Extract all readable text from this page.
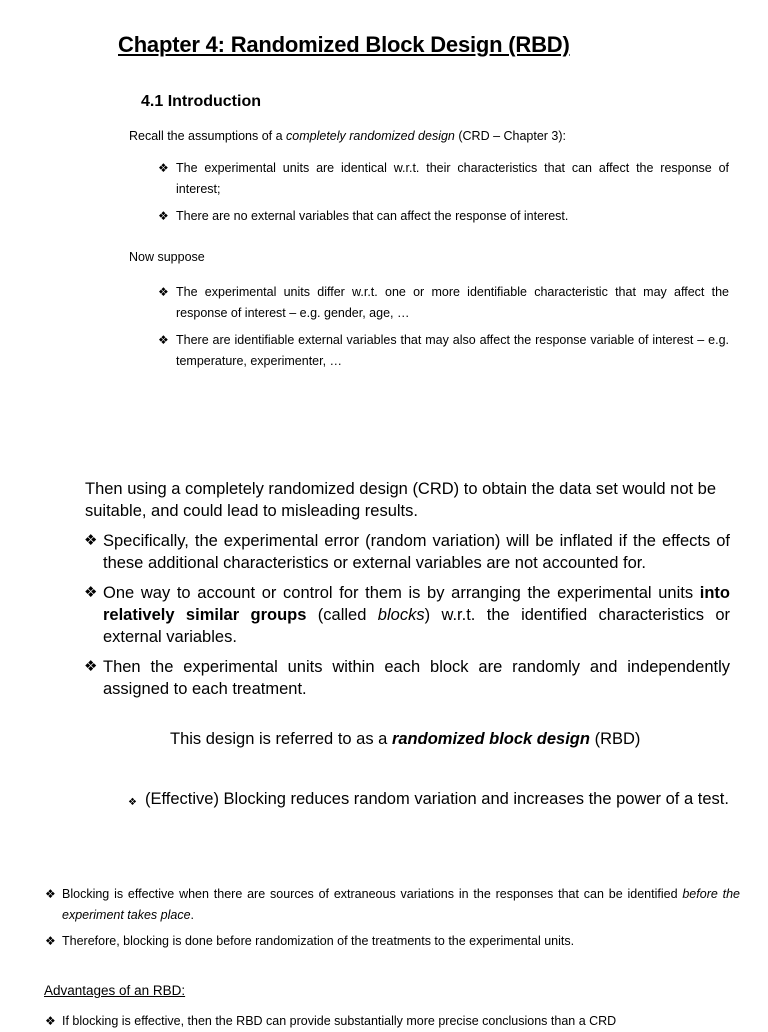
Chapter 4: Randomized Block Design (RBD)
4.1 Introduction
Recall the assumptions of a completely randomized design (CRD – Chapter 3):
❖ The experimental units are identical w.r.t. their characteristics that can affect the response of interest;
❖ There are no external variables that can affect the response of interest.
Now suppose
❖ The experimental units differ w.r.t. one or more identifiable characteristic that may affect the response of interest – e.g. gender, age, …
❖ There are identifiable external variables that may also affect the response variable of interest – e.g. temperature, experimenter, …
Then using a completely randomized design (CRD) to obtain the data set would not be suitable, and could lead to misleading results.
❖ Specifically, the experimental error (random variation) will be inflated if the effects of these additional characteristics or external variables are not accounted for.
❖ One way to account or control for them is by arranging the experimental units into relatively similar groups (called blocks) w.r.t. the identified characteristics or external variables.
❖ Then the experimental units within each block are randomly and independently assigned to each treatment.
This design is referred to as a randomized block design (RBD)
❖ (Effective) Blocking reduces random variation and increases the power of a test.
❖ Blocking is effective when there are sources of extraneous variations in the responses that can be identified before the experiment takes place.
❖ Therefore, blocking is done before randomization of the treatments to the experimental units.
Advantages of an RBD:
❖ If blocking is effective, then the RBD can provide substantially more precise conclusions than a CRD
